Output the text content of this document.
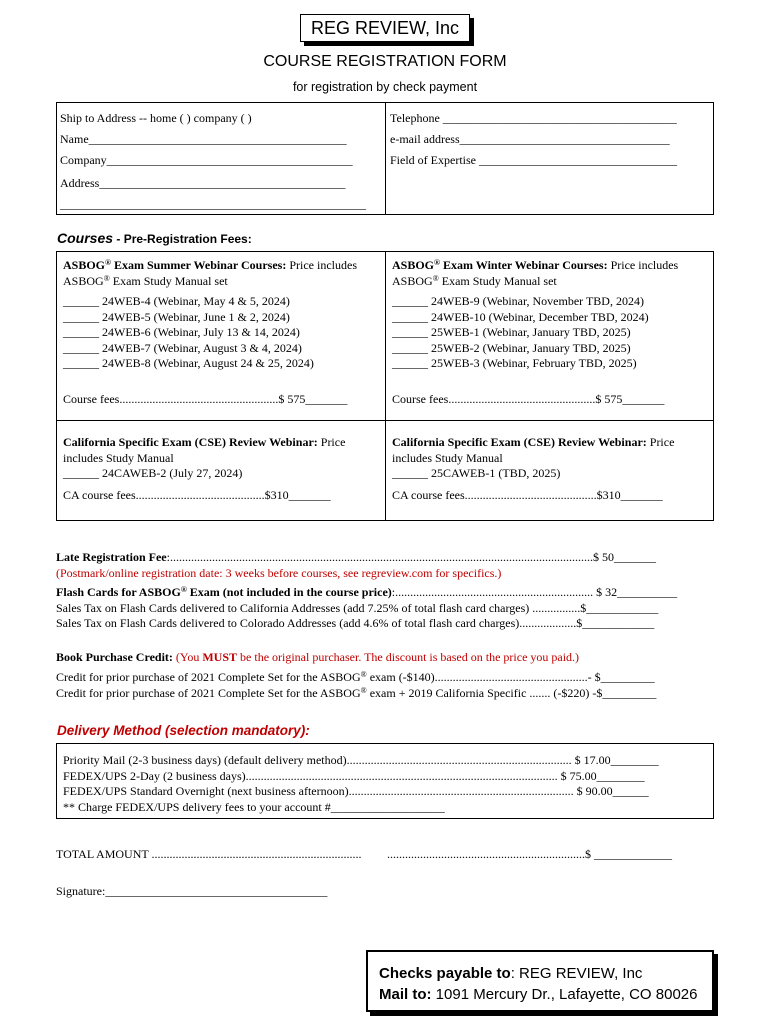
REG REVIEW, Inc
COURSE REGISTRATION FORM
for registration by check payment
Ship to Address -- home ( ) company ( )
Name___________________________________________
Company_________________________________________
Address_________________________________________
___________________________________________________
Telephone _______________________________________
e-mail address___________________________________
Field of Expertise _________________________________
Courses - Pre-Registration Fees:
ASBOG® Exam Summer Webinar Courses: Price includes
ASBOG® Exam Study Manual set
______ 24WEB-4 (Webinar, May 4 & 5, 2024)
______ 24WEB-5 (Webinar, June 1 & 2, 2024)
______ 24WEB-6 (Webinar, July 13 & 14, 2024)
______ 24WEB-7 (Webinar, August 3 & 4, 2024)
______ 24WEB-8 (Webinar, August 24 & 25, 2024)
Course fees.....................................................$ 575_______
ASBOG® Exam Winter Webinar Courses: Price includes
ASBOG® Exam Study Manual set
______ 24WEB-9 (Webinar, November TBD, 2024)
______ 24WEB-10 (Webinar, December TBD, 2024)
______ 25WEB-1 (Webinar, January TBD, 2025)
______ 25WEB-2 (Webinar, January TBD, 2025)
______ 25WEB-3 (Webinar, February TBD, 2025)
Course fees.................................................$ 575_______
California Specific Exam (CSE) Review Webinar: Price
includes Study Manual
______ 24CAWEB-2 (July 27, 2024)
CA course fees...........................................$310_______
California Specific Exam (CSE) Review Webinar: Price
includes Study Manual
______ 25CAWEB-1 (TBD, 2025)
CA course fees............................................$310_______
Late Registration Fee:.............................................................................................................................................$ 50_______
(Postmark/online registration date: 3 weeks before courses, see regreview.com for specifics.)
Flash Cards for ASBOG® Exam (not included in the course price):.................................................................. $ 32__________
Sales Tax on Flash Cards delivered to California Addresses (add 7.25% of total flash card charges) ................$____________
Sales Tax on Flash Cards delivered to Colorado Addresses (add 4.6% of total flash card charges)...................$____________
Book Purchase Credit: (You MUST be the original purchaser. The discount is based on the price you paid.)
Credit for prior purchase of 2021 Complete Set for the ASBOG® exam (-$140)...................................................- $_________
Credit for prior purchase of 2021 Complete Set for the ASBOG® exam + 2019 California Specific ....... (-$220) -$_________
Delivery Method (selection mandatory):
Priority Mail (2-3 business days) (default delivery method)........................................................................... $ 17.00________
FEDEX/UPS 2-Day (2 business days)........................................................................................................ $ 75.00________
FEDEX/UPS Standard Overnight (next business afternoon)........................................................................... $ 90.00______
** Charge FEDEX/UPS delivery fees to your account #___________________
TOTAL AMOUNT ...................................................................... ..................................................................$ _____________
Signature:_____________________________________
Checks payable to: REG REVIEW, Inc
Mail to: 1091 Mercury Dr., Lafayette, CO 80026
